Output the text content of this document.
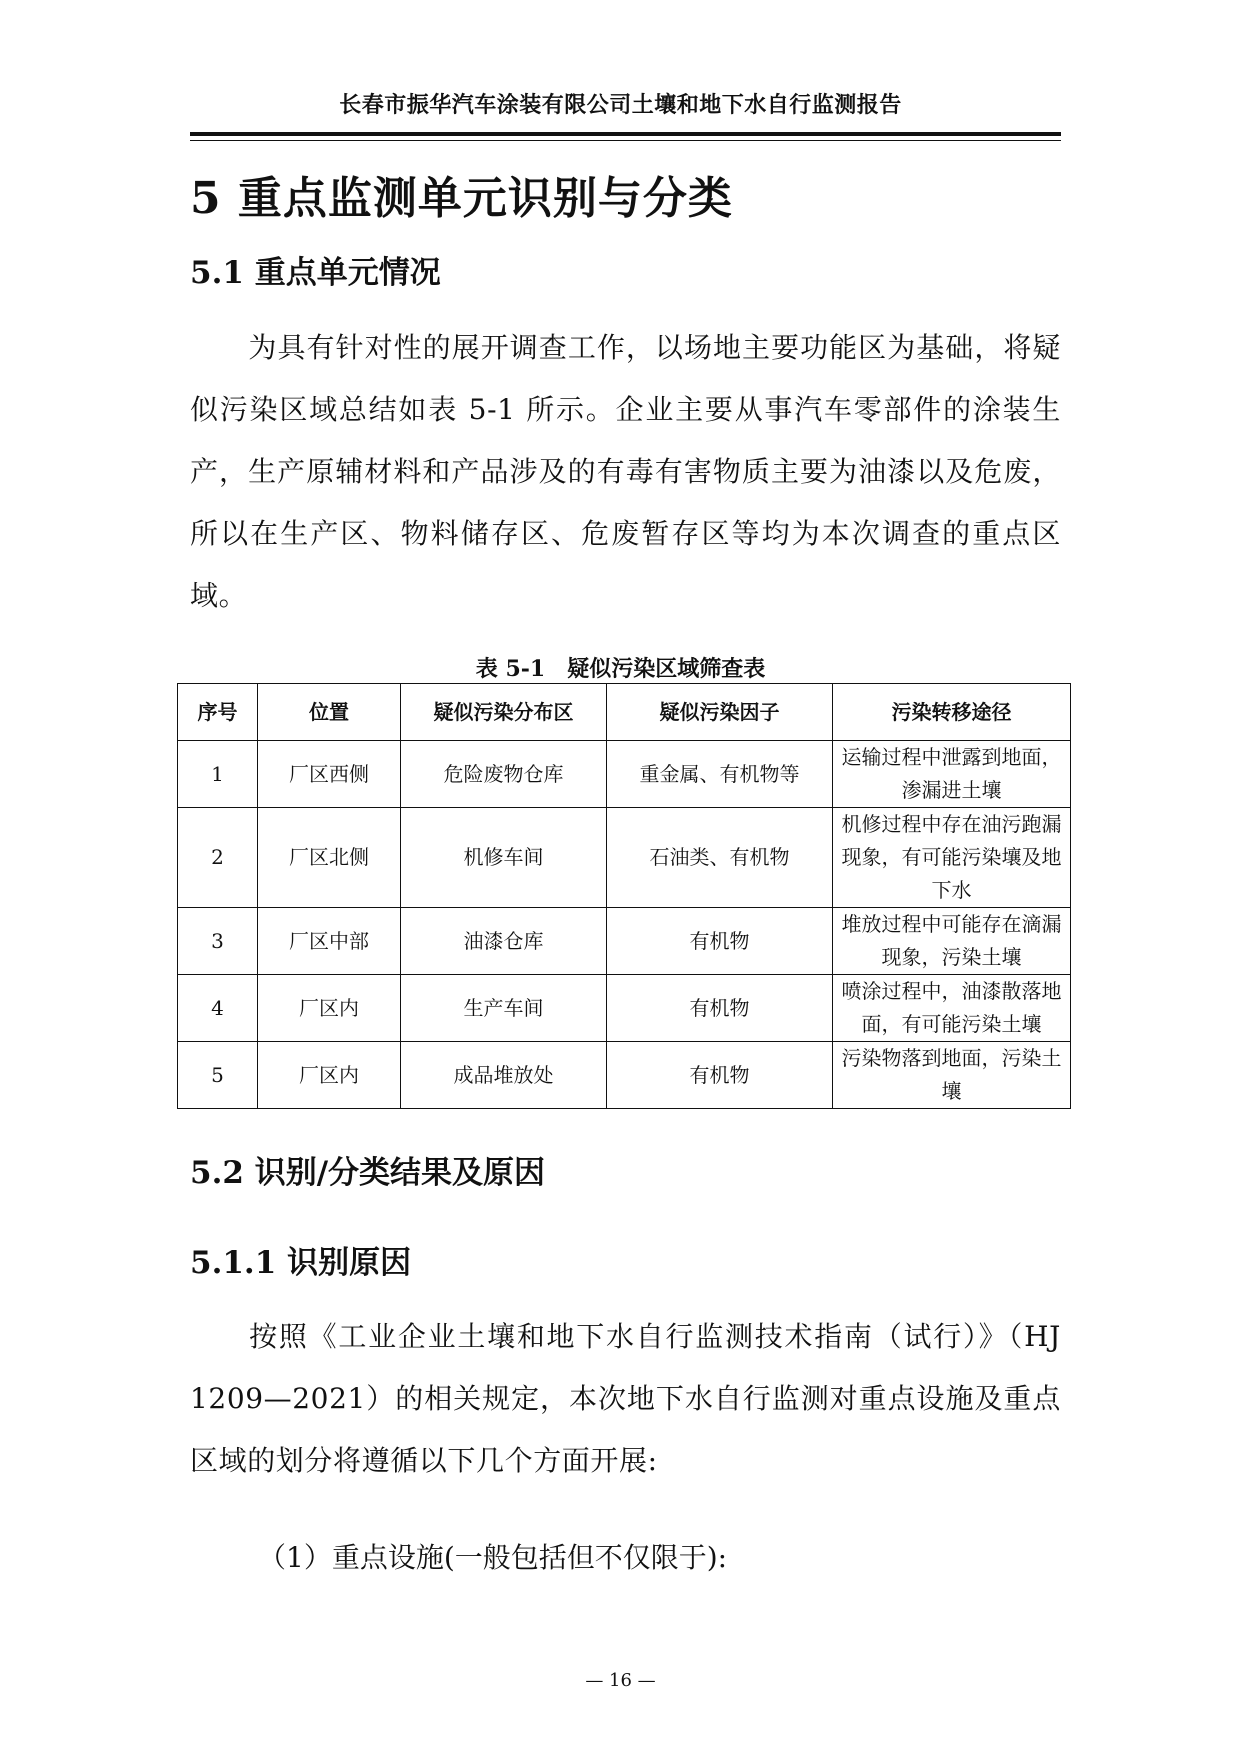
长春市振华汽车涂装有限公司土壤和地下水自行监测报告
5 重点监测单元识别与分类
5.1 重点单元情况

为具有针对性的展开调查工作，以场地主要功能区为基础，将疑似污染区域总结如表 5-1 所示。企业主要从事汽车零部件的涂装生产，生产原辅材料和产品涉及的有毒有害物质主要为油漆以及危废，所以在生产区、物料储存区、危废暂存区等均为本次调查的重点区域。

表 5-1　疑似污染区域筛查表
序号	位置	疑似污染分布区	疑似污染因子	污染转移途径
1	厂区西侧	危险废物仓库	重金属、有机物等	运输过程中泄露到地面，渗漏进土壤
2	厂区北侧	机修车间	石油类、有机物	机修过程中存在油污跑漏现象，有可能污染壤及地下水
3	厂区中部	油漆仓库	有机物	堆放过程中可能存在滴漏现象，污染土壤
4	厂区内	生产车间	有机物	喷涂过程中，油漆散落地面，有可能污染土壤
5	厂区内	成品堆放处	有机物	污染物落到地面，污染土壤
5.2 识别/分类结果及原因
5.1.1 识别原因

按照《工业企业土壤和地下水自行监测技术指南（试行）》（HJ 1209—2021）的相关规定，本次地下水自行监测对重点设施及重点区域的划分将遵循以下几个方面开展:

（1）重点设施(一般包括但不仅限于):
— 16 —
